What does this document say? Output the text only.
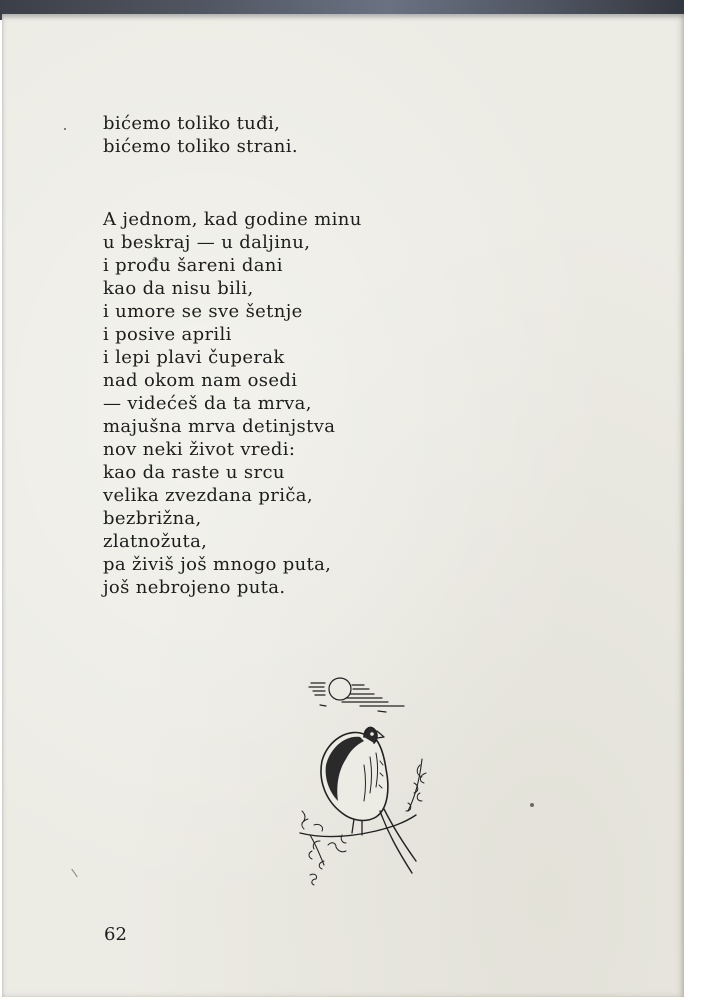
bićemo toliko tuđi,
bićemo toliko strani.
A jednom, kad godine minu
u beskraj — u daljinu,
i prođu šareni dani
kao da nisu bili,
i umore se sve šetnje
i posive aprili
i lepi plavi čuperak
nad okom nam osedi
— videćeš da ta mrva,
majušna mrva detinjstva
nov neki život vredi:
kao da raste u srcu
velika zvezdana priča,
bezbrižna,
zlatnožuta,
pa živiš još mnogo puta,
još nebrojeno puta.
62
